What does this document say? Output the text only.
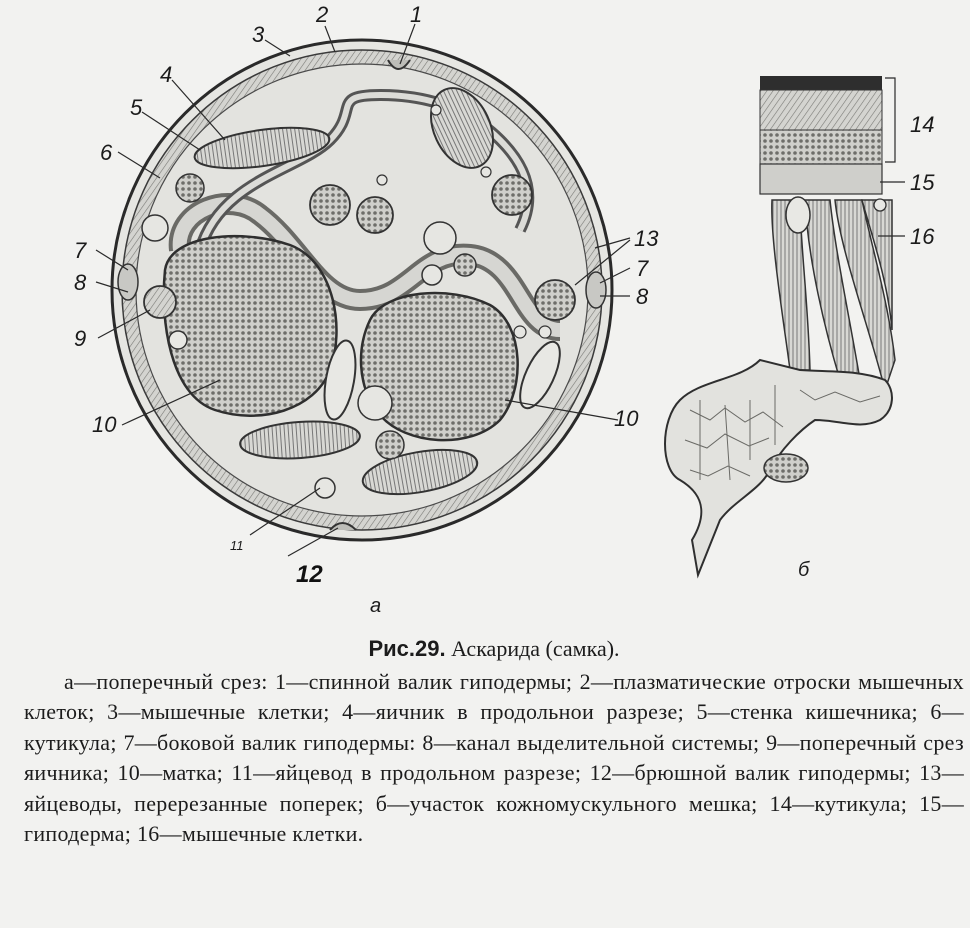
1
2
3
4
5
6
7
8
9
10
11
12
13
7
8
10
14
15
16
а
б
Рис.29. Аскарида (самка).
а—поперечный срез: 1—спинной валик гиподермы; 2—плазматические отроски мышечных клеток; 3—мышечные клетки; 4—яичник в продольнои разрезе; 5—стенка кишечника; 6—кутикула; 7—боковой валик гиподермы: 8—канал выделительной системы; 9—поперечный срез яичника; 10—матка; 11—яйцевод в продольном разрезе; 12—брюшной валик гиподермы; 13—яйцеводы, перерезанные поперек; б—участок кожномускульного мешка; 14—кутикула; 15—гиподерма; 16—мышечные клетки.
